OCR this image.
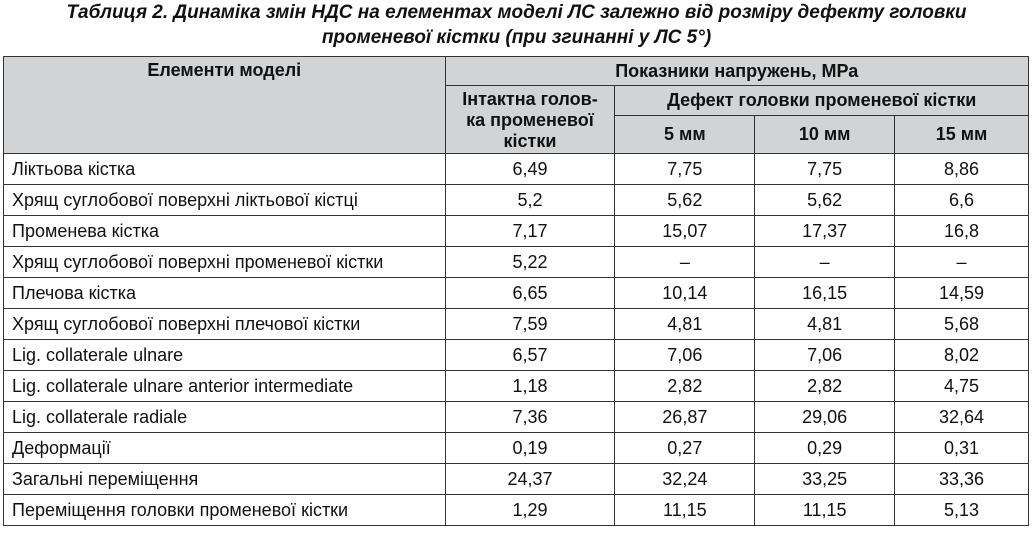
Таблиця 2. Динаміка змін НДС на елементах моделі ЛС залежно від розміру дефекту головки
променевої кістки (при згинанні у ЛС 5°)
Елементи моделі	Показники напружень, МРа			

	Інтактна голов-
ка променевої
кістки	Дефект головки променевої кістки		
		5 мм	10 мм	15 мм
Ліктьова кістка	6,49	7,75	7,75	8,86
Хрящ суглобової поверхні ліктьової кістці	5,2	5,62	5,62	6,6
Променева кістка	7,17	15,07	17,37	16,8
Хрящ суглобової поверхні променевої кістки	5,22	–	–	–
Плечова кістка	6,65	10,14	16,15	14,59
Хрящ суглобової поверхні плечової кістки	7,59	4,81	4,81	5,68
Lig. collaterale ulnare	6,57	7,06	7,06	8,02
Lig. collaterale ulnare anterior intermediate	1,18	2,82	2,82	4,75
Lig. collaterale radiale	7,36	26,87	29,06	32,64
Деформації	0,19	0,27	0,29	0,31
Загальні переміщення	24,37	32,24	33,25	33,36
Переміщення головки променевої кістки	1,29	11,15	11,15	5,13
